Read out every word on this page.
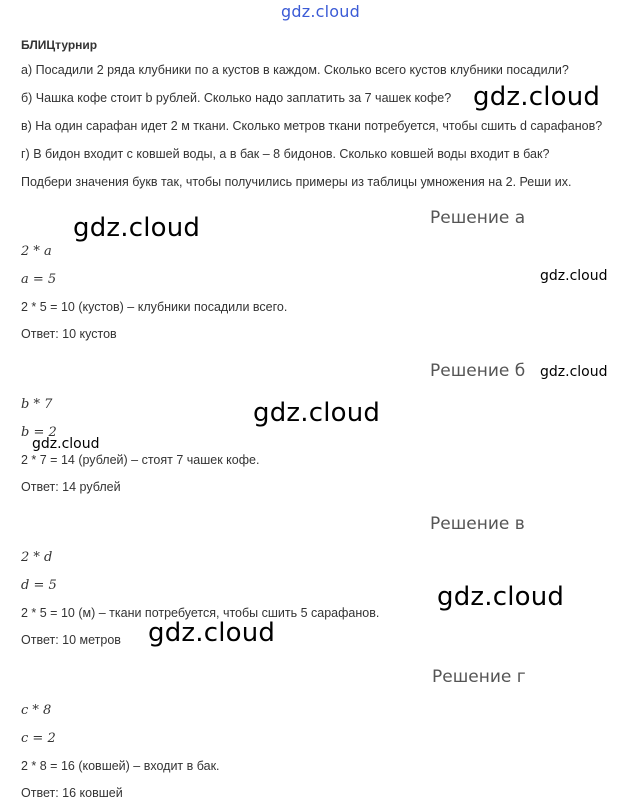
gdz.cloud
БЛИЦтурнир
а) Посадили 2 ряда клубники по a кустов в каждом. Сколько всего кустов клубники посадили?
б) Чашка кофе стоит b рублей. Сколько надо заплатить за 7 чашек кофе?
в) На один сарафан идет 2 м ткани. Сколько метров ткани потребуется, чтобы сшить d сарафанов?
г) В бидон входит c ковшей воды, а в бак – 8 бидонов. Сколько ковшей воды входит в бак?
Подбери значения букв так, чтобы получились примеры из таблицы умножения на 2. Реши их.
Решение а
2 * a
a = 5
2 * 5 = 10 (кустов) – клубники посадили всего.
Ответ: 10 кустов
Решение б
b * 7
b = 2
2 * 7 = 14 (рублей) – стоят 7 чашек кофе.
Ответ: 14 рублей
Решение в
2 * d
d = 5
2 * 5 = 10 (м) – ткани потребуется, чтобы сшить 5 сарафанов.
Ответ: 10 метров
Решение г
c * 8
c = 2
2 * 8 = 16 (ковшей) – входит в бак.
Ответ: 16 ковшей
gdz.cloud
gdz.cloud
gdz.cloud
gdz.cloud
gdz.cloud
gdz.cloud
gdz.cloud
gdz.cloud
